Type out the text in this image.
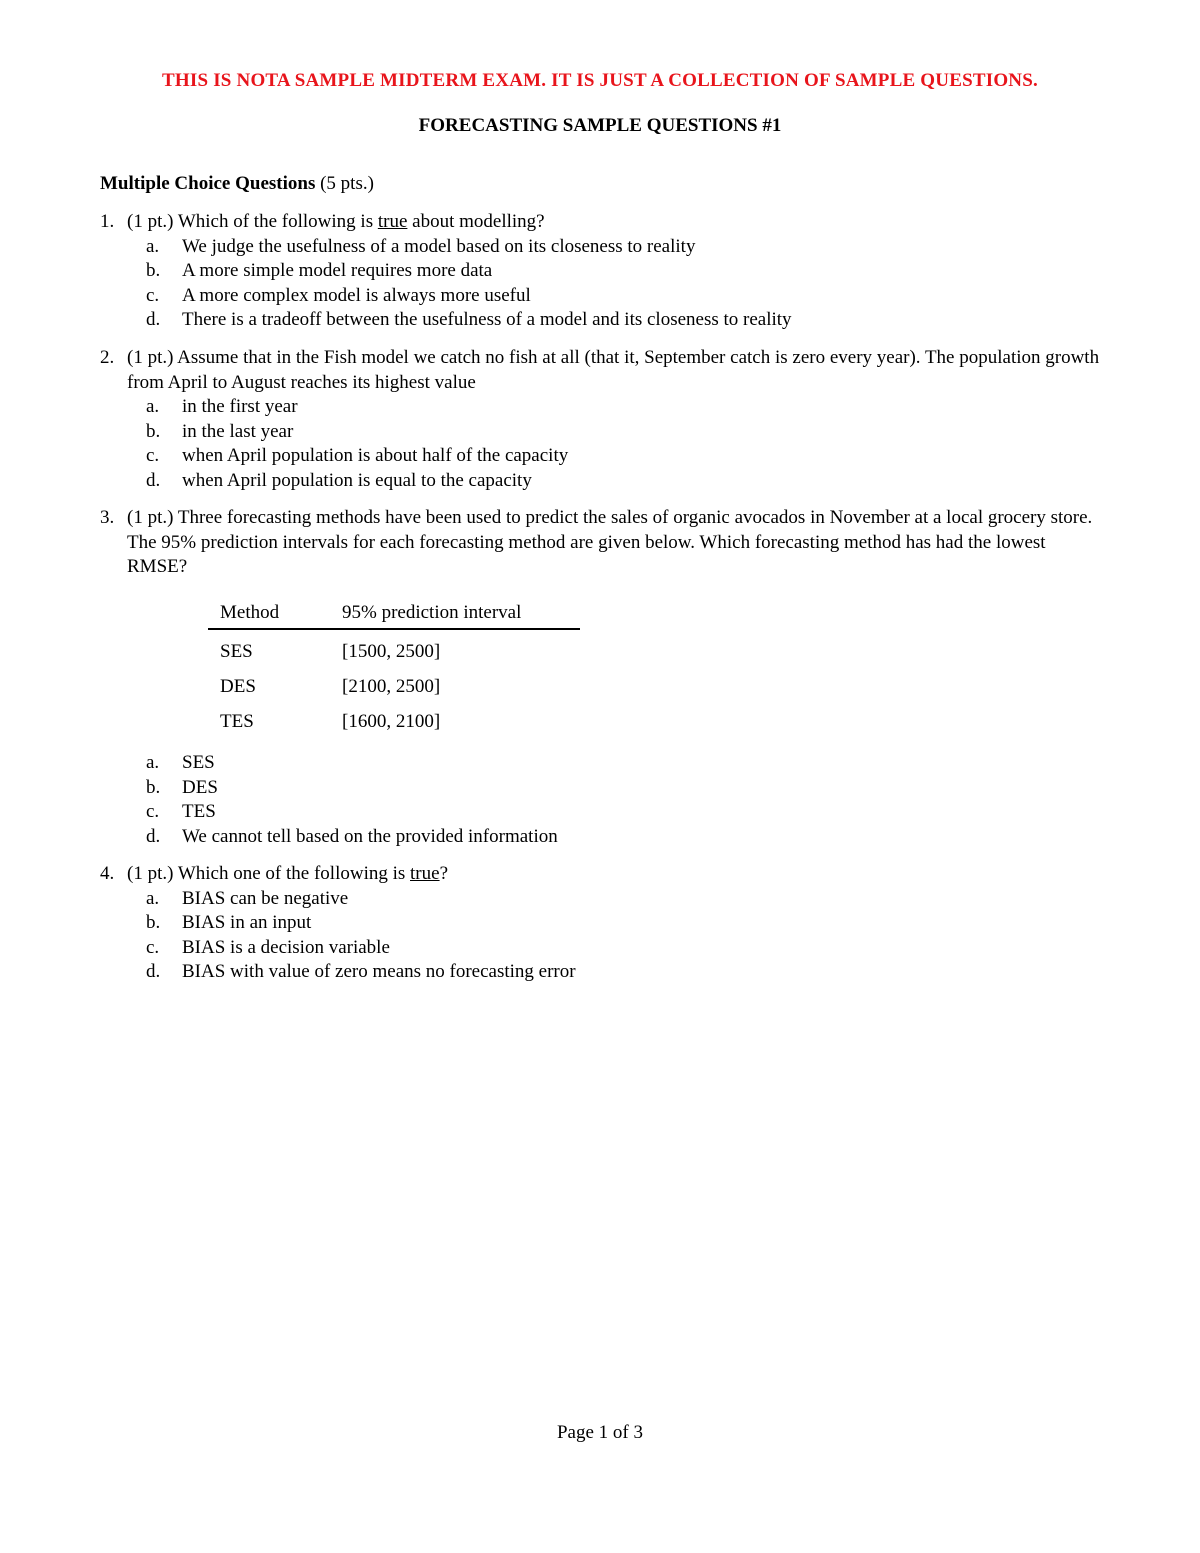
THIS IS NOTA SAMPLE MIDTERM EXAM. IT IS JUST A COLLECTION OF SAMPLE QUESTIONS.
FORECASTING SAMPLE QUESTIONS #1
Multiple Choice Questions (5 pts.)
1. (1 pt.) Which of the following is true about modelling?
a. We judge the usefulness of a model based on its closeness to reality
b. A more simple model requires more data
c. A more complex model is always more useful
d. There is a tradeoff between the usefulness of a model and its closeness to reality
2. (1 pt.) Assume that in the Fish model we catch no fish at all (that it, September catch is zero every year). The population growth from April to August reaches its highest value
a. in the first year
b. in the last year
c. when April population is about half of the capacity
d. when April population is equal to the capacity
3. (1 pt.) Three forecasting methods have been used to predict the sales of organic avocados in November at a local grocery store. The 95% prediction intervals for each forecasting method are given below. Which forecasting method has had the lowest RMSE?
Method	95% prediction interval
SES	[1500, 2500]
DES	[2100, 2500]
TES	[1600, 2100]
a. SES
b. DES
c. TES
d. We cannot tell based on the provided information
4. (1 pt.) Which one of the following is true?
a. BIAS can be negative
b. BIAS in an input
c. BIAS is a decision variable
d. BIAS with value of zero means no forecasting error
Page 1 of 3
